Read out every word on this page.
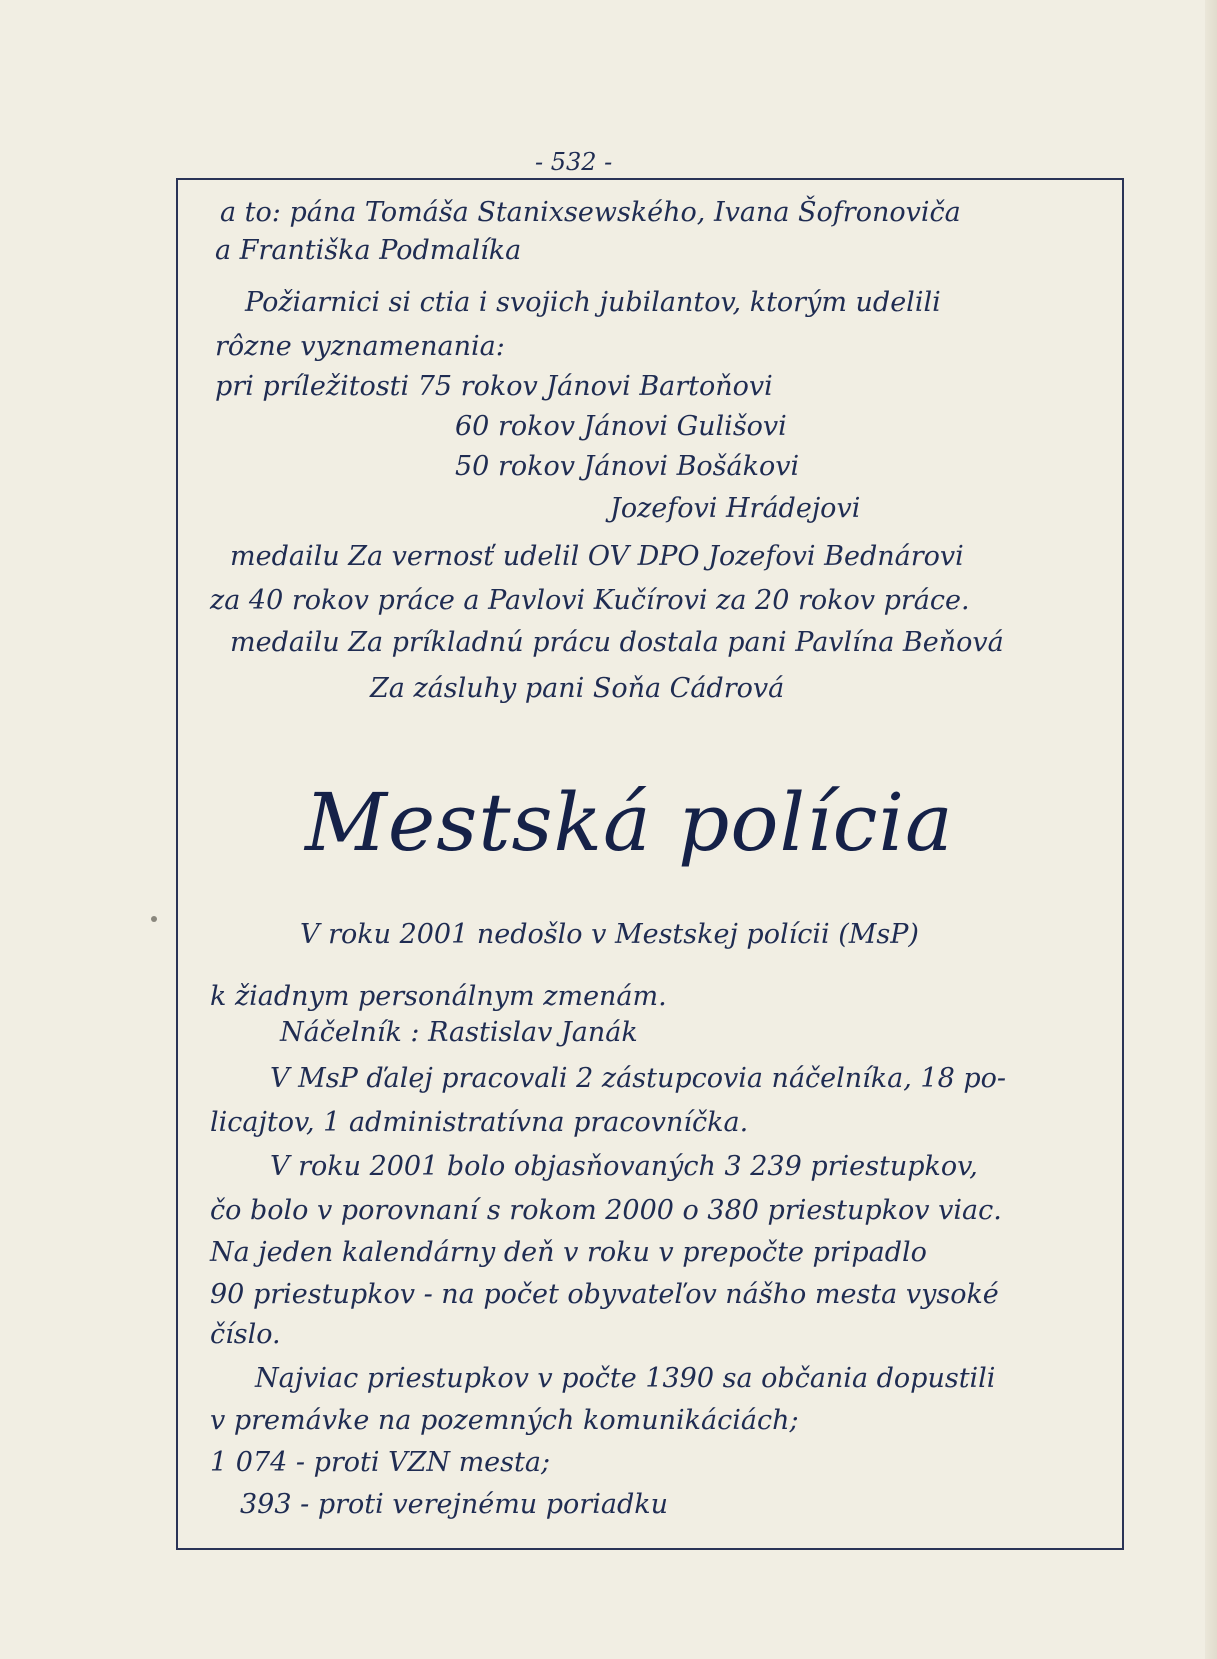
- 532 -
a to: pána Tomáša Stanixsewského, Ivana Šofronoviča
a Františka Podmalíka
Požiarnici si ctia i svojich jubilantov, ktorým udelili
rôzne vyznamenania:
pri príležitosti 75 rokov Jánovi Bartoňovi
60 rokov Jánovi Gulišovi
50 rokov Jánovi Bošákovi
Jozefovi Hrádejovi
medailu Za vernosť udelil OV DPO Jozefovi Bednárovi
za 40 rokov práce a Pavlovi Kučírovi za 20 rokov práce.
medailu Za príkladnú prácu dostala pani Pavlína Beňová
Za zásluhy pani Soňa Cádrová
Mestská polícia
V roku 2001 nedošlo v Mestskej polícii (MsP)
k žiadnym personálnym zmenám.
Náčelník : Rastislav Janák
V MsP ďalej pracovali 2 zástupcovia náčelníka, 18 po-
licajtov, 1 administratívna pracovníčka.
V roku 2001 bolo objasňovaných 3 239 priestupkov,
čo bolo v porovnaní s rokom 2000 o 380 priestupkov viac.
Na jeden kalendárny deň v roku v prepočte pripadlo
90 priestupkov - na počet obyvateľov nášho mesta vysoké
číslo.
Najviac priestupkov v počte 1390 sa občania dopustili
v premávke na pozemných komunikáciách;
1 074 - proti VZN mesta;
393 - proti verejnému poriadku
